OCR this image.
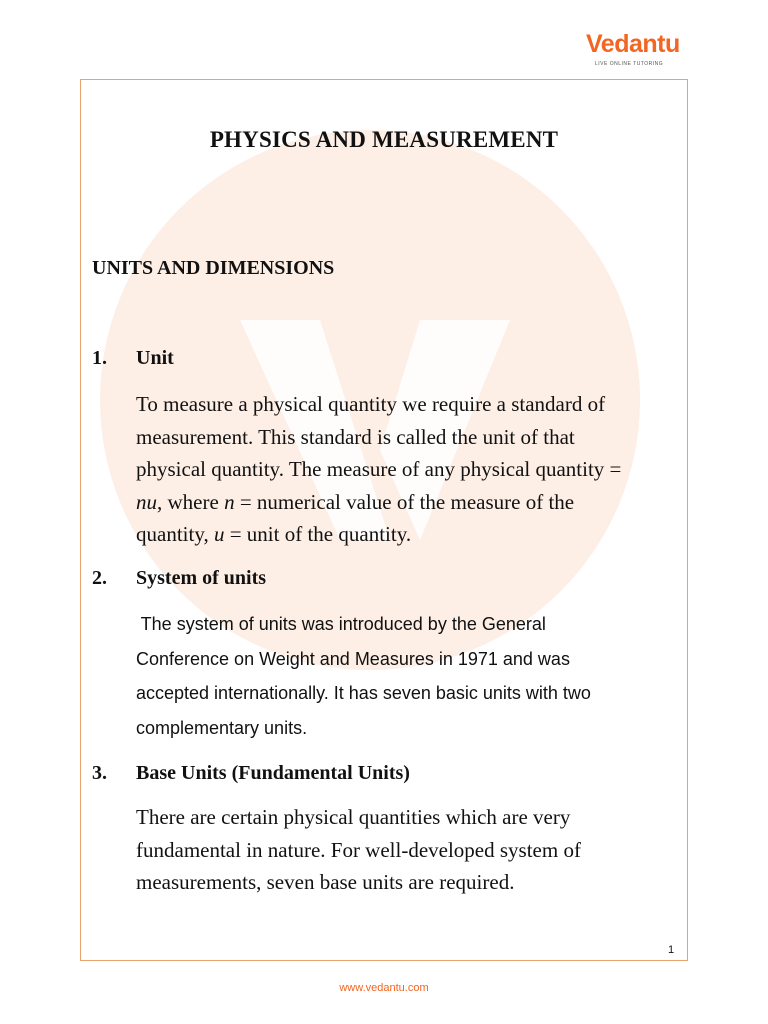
Vedantu
LIVE ONLINE TUTORING
PHYSICS AND MEASUREMENT
UNITS AND DIMENSIONS
1. Unit
To measure a physical quantity we require a standard of
measurement. This standard is called the unit of that
physical quantity. The measure of any physical quantity =
nu, where n = numerical value of the measure of the
quantity, u = unit of the quantity.
2. System of units
The system of units was introduced by the General
Conference on Weight and Measures in 1971 and was
accepted internationally. It has seven basic units with two
complementary units.
3. Base Units (Fundamental Units)
There are certain physical quantities which are very
fundamental in nature. For well-developed system of
measurements, seven base units are required.
1
www.vedantu.com
